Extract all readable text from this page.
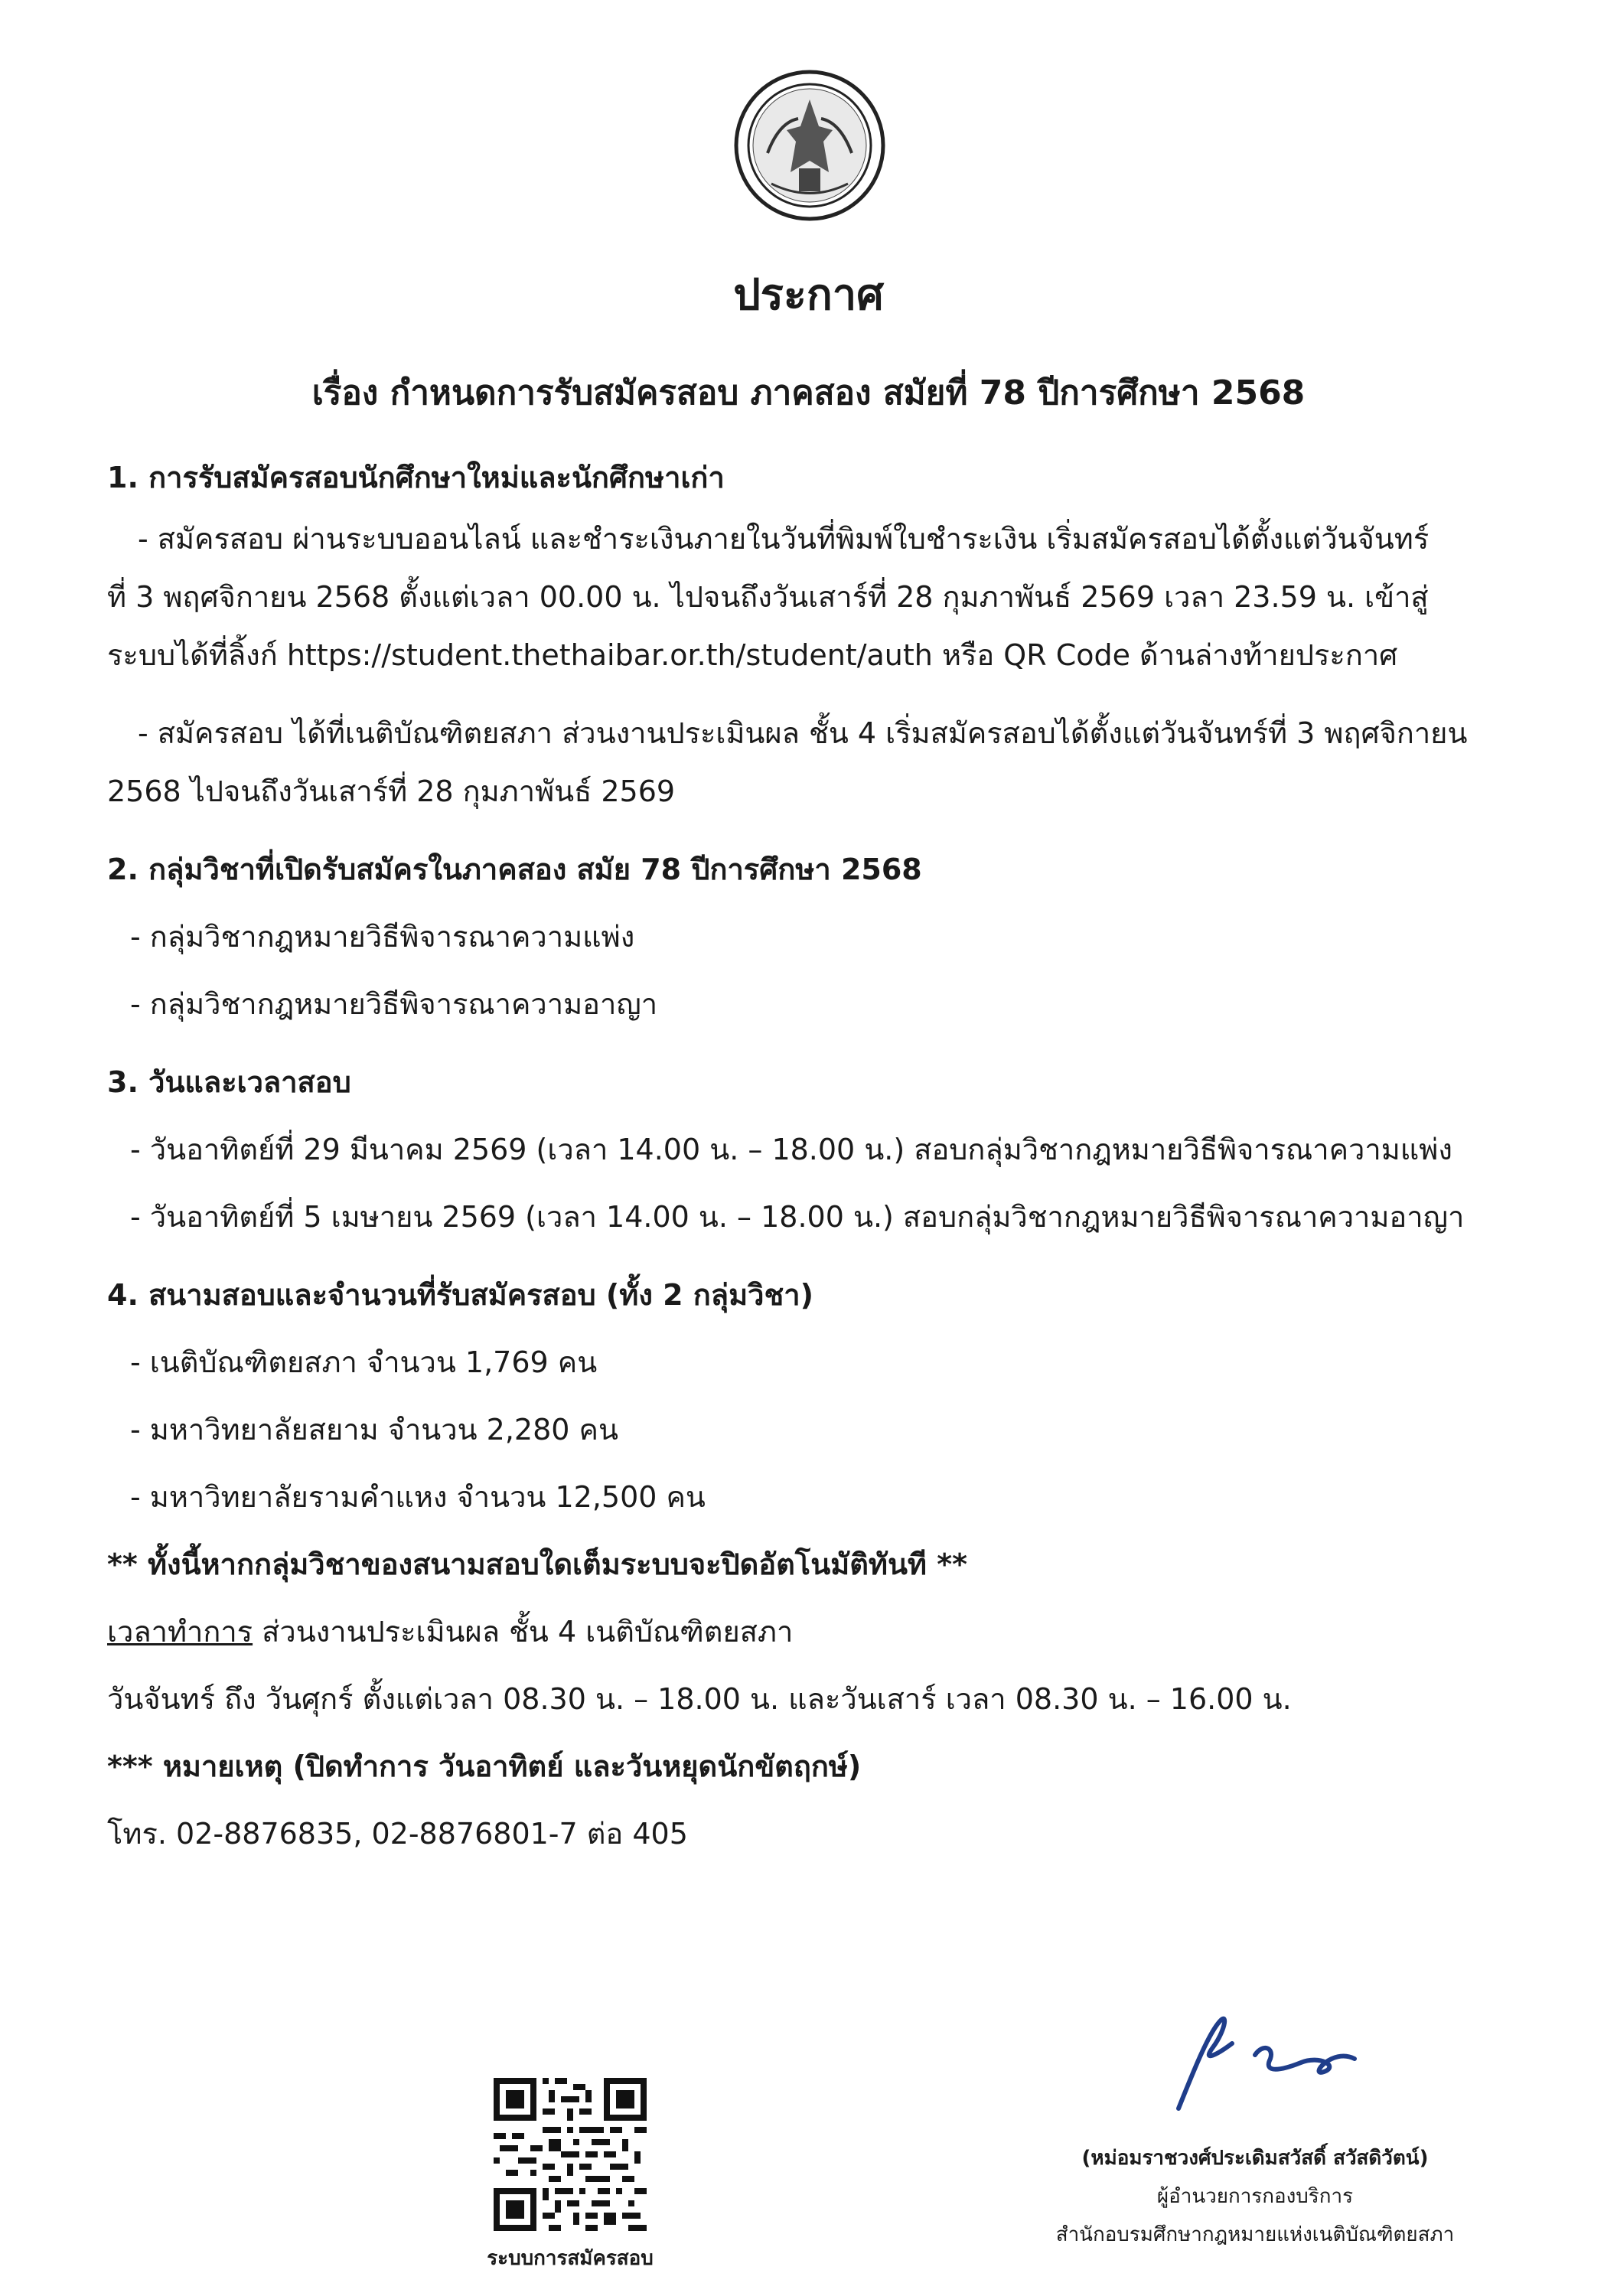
ประกาศ
เรื่อง กำหนดการรับสมัครสอบ ภาคสอง สมัยที่ 78 ปีการศึกษา 2568
1. การรับสมัครสอบนักศึกษาใหม่และนักศึกษาเก่า
- สมัครสอบ ผ่านระบบออนไลน์ และชำระเงินภายในวันที่พิมพ์ใบชำระเงิน เริ่มสมัครสอบได้ตั้งแต่วันจันทร์
ที่ 3 พฤศจิกายน 2568 ตั้งแต่เวลา 00.00 น. ไปจนถึงวันเสาร์ที่ 28 กุมภาพันธ์ 2569 เวลา 23.59 น. เข้าสู่
ระบบได้ที่ลิ้งก์ https://student.thethaibar.or.th/student/auth หรือ QR Code ด้านล่างท้ายประกาศ
- สมัครสอบ ได้ที่เนติบัณฑิตยสภา ส่วนงานประเมินผล ชั้น 4 เริ่มสมัครสอบได้ตั้งแต่วันจันทร์ที่ 3 พฤศจิกายน
2568 ไปจนถึงวันเสาร์ที่ 28 กุมภาพันธ์ 2569
2. กลุ่มวิชาที่เปิดรับสมัครในภาคสอง สมัย 78 ปีการศึกษา 2568
- กลุ่มวิชากฎหมายวิธีพิจารณาความแพ่ง
- กลุ่มวิชากฎหมายวิธีพิจารณาความอาญา
3. วันและเวลาสอบ
- วันอาทิตย์ที่ 29 มีนาคม 2569 (เวลา 14.00 น. – 18.00 น.) สอบกลุ่มวิชากฎหมายวิธีพิจารณาความแพ่ง
- วันอาทิตย์ที่ 5 เมษายน 2569 (เวลา 14.00 น. – 18.00 น.) สอบกลุ่มวิชากฎหมายวิธีพิจารณาความอาญา
4. สนามสอบและจำนวนที่รับสมัครสอบ (ทั้ง 2 กลุ่มวิชา)
- เนติบัณฑิตยสภา จำนวน 1,769 คน
- มหาวิทยาลัยสยาม จำนวน 2,280 คน
- มหาวิทยาลัยรามคำแหง จำนวน 12,500 คน
** ทั้งนี้หากกลุ่มวิชาของสนามสอบใดเต็มระบบจะปิดอัตโนมัติทันที **
เวลาทำการ ส่วนงานประเมินผล ชั้น 4 เนติบัณฑิตยสภา
วันจันทร์ ถึง วันศุกร์ ตั้งแต่เวลา 08.30 น. – 18.00 น. และวันเสาร์ เวลา 08.30 น. – 16.00 น.
*** หมายเหตุ (ปิดทำการ วันอาทิตย์ และวันหยุดนักขัตฤกษ์)
โทร. 02-8876835, 02-8876801-7 ต่อ 405
ระบบการสมัครสอบ
(หม่อมราชวงศ์ประเดิมสวัสดิ์ สวัสดิวัตน์)
ผู้อำนวยการกองบริการ
สำนักอบรมศึกษากฎหมายแห่งเนติบัณฑิตยสภา
